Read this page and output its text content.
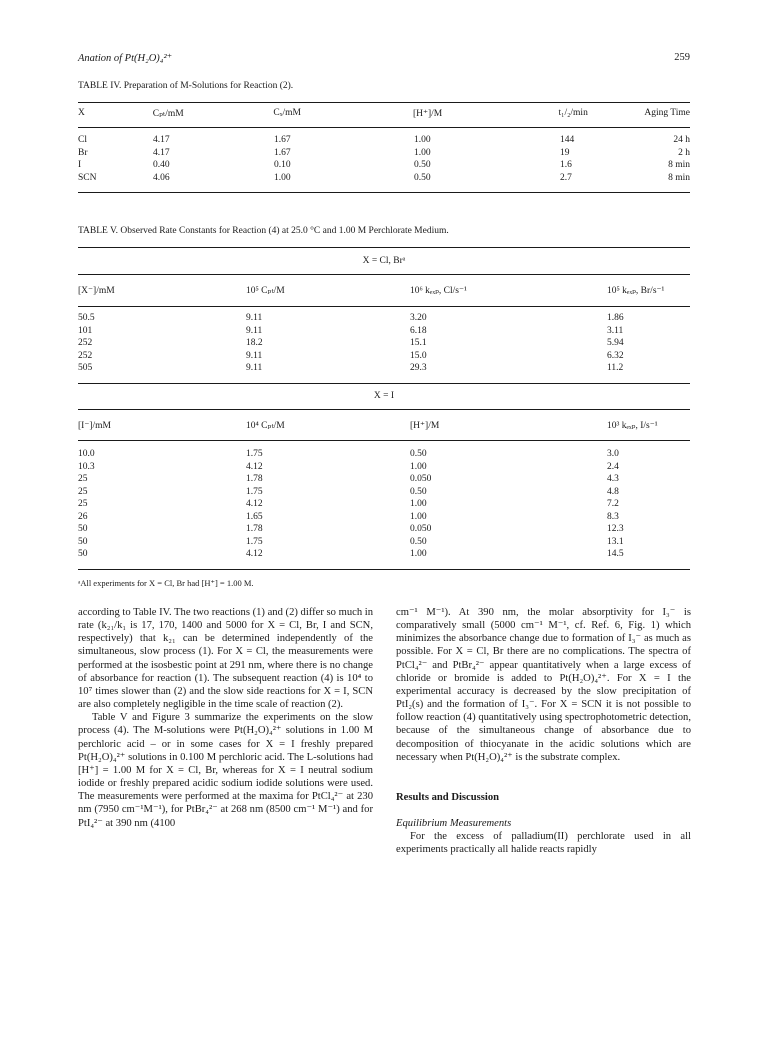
Anation of Pt(H₂O)₄²⁺	259
TABLE IV. Preparation of M-Solutions for Reaction (2).
X	Cₚₜ/mM	Cₓ/mM	[H⁺]/M	t₁/₂/min	Aging Time
Cl	4.17	1.67	1.00	144	24 h
Br	4.17	1.67	1.00	19	2 h
I	0.40	0.10	0.50	1.6	8 min
SCN	4.06	1.00	0.50	2.7	8 min
TABLE V. Observed Rate Constants for Reaction (4) at 25.0 °C and 1.00 M Perchlorate Medium.
X = Cl, Brᵃ
[X⁻]/mM	10⁵ Cₚₜ/M	10⁶ kₑₓₚ, Cl/s⁻¹	10⁵ kₑₓₚ, Br/s⁻¹
50.5	9.11	3.20	1.86
101	9.11	6.18	3.11
252	18.2	15.1	5.94
252	9.11	15.0	6.32
505	9.11	29.3	11.2
X = I
[I⁻]/mM	10⁴ Cₚₜ/M	[H⁺]/M	10³ kₑₓₚ, I/s⁻¹
10.0	1.75	0.50	3.0
10.3	4.12	1.00	2.4
25	1.78	0.050	4.3
25	1.75	0.50	4.8
25	4.12	1.00	7.2
26	1.65	1.00	8.3
50	1.78	0.050	12.3
50	1.75	0.50	13.1
50	4.12	1.00	14.5
ᵃAll experiments for X = Cl, Br had [H⁺] = 1.00 M.

according to Table IV. The two reactions (1) and (2) differ so much in rate (k₂₁/k₁ is 17, 170, 1400 and 5000 for X = Cl, Br, I and SCN, respectively) that k₂₁ can be determined independently of the simultaneous, slow process (1). For X = Cl, the measurements were performed at the isosbestic point at 291 nm, where there is no change of absorbance for reaction (1). The subsequent reaction (4) is 10⁴ to 10⁷ times slower than (2) and the slow side reactions for X = I, SCN are also completely negligible in the time scale of reaction (2).

Table V and Figure 3 summarize the experiments on the slow process (4). The M-solutions were Pt(H₂O)₄²⁺ solutions in 1.00 M perchloric acid – or in some cases for X = I freshly prepared Pt(H₂O)₄²⁺ solutions in 0.100 M perchloric acid. The L-solutions had [H⁺] = 1.00 M for X = Cl, Br, whereas for X = I neutral sodium iodide or freshly prepared acidic sodium iodide solutions were used. The measurements were performed at the maxima for PtCl₄²⁻ at 230 nm (7950 cm⁻¹M⁻¹), for PtBr₄²⁻ at 268 nm (8500 cm⁻¹ M⁻¹) and for PtI₄²⁻ at 390 nm (4100

cm⁻¹ M⁻¹). At 390 nm, the molar absorptivity for I₃⁻ is comparatively small (5000 cm⁻¹ M⁻¹, cf. Ref. 6, Fig. 1) which minimizes the absorbance change due to formation of I₃⁻ as much as possible. For X = Cl, Br there are no complications. The spectra of PtCl₄²⁻ and PtBr₄²⁻ appear quantitatively when a large excess of chloride or bromide is added to Pt(H₂O)₄²⁺. For X = I the experimental accuracy is decreased by the slow precipitation of PtI₂(s) and the formation of I₃⁻. For X = SCN it is not possible to follow reaction (4) quantitatively using spectrophotometric detection, because of the simultaneous change of absorbance due to decomposition of thiocyanate in the acidic solutions which are necessary when Pt(H₂O)₄²⁺ is the substrate complex.

Results and Discussion

Equilibrium Measurements

For the excess of palladium(II) perchlorate used in all experiments practically all halide reacts rapidly
